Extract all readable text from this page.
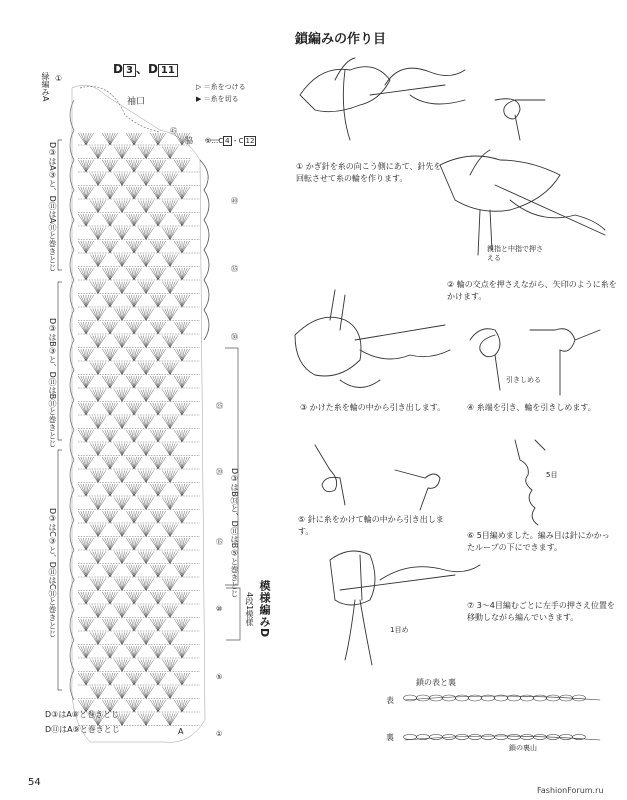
D 3 、D 11
緑編みA ①
袖口
▷ ＝糸をつける
▶ ＝糸を切る
脇 ①…C 4 ・C 12
㊺
㊵
㉟
㉚
㉕
⑳
⑮
⑩
⑤
①
D③はA③と、D⑪はA⑪と巻きとじ
D③はB③と、D⑪はB⑪と巻きとじ
D③はC③と、D⑪はC⑪と巻きとじ	D③はB⑬と、D⑪はB⑤と巻きとじ
模様編みD
4段1模様
D③はA⑧と巻きとじ
D⑪はA⑨と巻きとじ	A
鎖編みの作り目
① かぎ針を糸の向こう側にあて、針先を回転させて糸の輪を作ります。
親指と中指で押さえる
② 輪の交点を押さえながら、矢印のように糸をかけます。
③ かけた糸を輪の中から引き出します。
引きしめる
④ 糸端を引き、輪を引きしめます。
5目
⑤ 針に糸をかけて輪の中から引き出します。	⑥ 5目編めました。編み目は針にかかったループの下にできます。
1目め
⑦ 3〜4目編むごとに左手の押さえ位置を移動しながら編んでいきます。
鎖の表と裏
表
裏
鎖の裏山
54
FashionForum.ru
